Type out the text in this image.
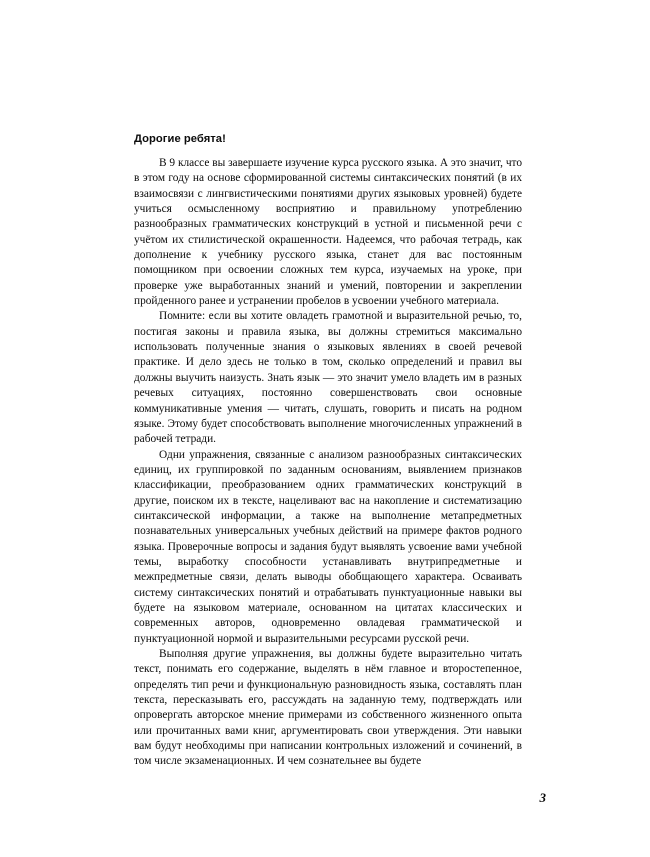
Дорогие ребята!

В 9 классе вы завершаете изучение курса русского языка. А это значит, что в этом году на основе сформированной системы синтаксических понятий (в их взаимосвязи с лингвистическими понятиями других языковых уровней) будете учиться осмысленному восприятию и правильному употреблению разнообразных грамматических конструкций в устной и письменной речи с учётом их стилистической окрашенности. Надеемся, что рабочая тетрадь, как дополнение к учебнику русского языка, станет для вас постоянным помощником при освоении сложных тем курса, изучаемых на уроке, при проверке уже выработанных знаний и умений, повторении и закреплении пройденного ранее и устранении пробелов в усвоении учебного материала.

Помните: если вы хотите овладеть грамотной и выразительной речью, то, постигая законы и правила языка, вы должны стремиться максимально использовать полученные знания о языковых явлениях в своей речевой практике. И дело здесь не только в том, сколько определений и правил вы должны выучить наизусть. Знать язык — это значит умело владеть им в разных речевых ситуациях, постоянно совершенствовать свои основные коммуникативные умения — читать, слушать, говорить и писать на родном языке. Этому будет способствовать выполнение многочисленных упражнений в рабочей тетради.

Одни упражнения, связанные с анализом разнообразных синтаксических единиц, их группировкой по заданным основаниям, выявлением признаков классификации, преобразованием одних грамматических конструкций в другие, поиском их в тексте, нацеливают вас на накопление и систематизацию синтаксической информации, а также на выполнение метапредметных познавательных универсальных учебных действий на примере фактов родного языка. Проверочные вопросы и задания будут выявлять усвоение вами учебной темы, выработку способности устанавливать внутрипредметные и межпредметные связи, делать выводы обобщающего характера. Осваивать систему синтаксических понятий и отрабатывать пунктуационные навыки вы будете на языковом материале, основанном на цитатах классических и современных авторов, одновременно овладевая грамматической и пунктуационной нормой и выразительными ресурсами русской речи.

Выполняя другие упражнения, вы должны будете выразительно читать текст, понимать его содержание, выделять в нём главное и второстепенное, определять тип речи и функциональную разновидность языка, составлять план текста, пересказывать его, рассуждать на заданную тему, подтверждать или опровергать авторское мнение примерами из собственного жизненного опыта или прочитанных вами книг, аргументировать свои утверждения. Эти навыки вам будут необходимы при написании контрольных изложений и сочинений, в том числе экзаменационных. И чем сознательнее вы будете

3
